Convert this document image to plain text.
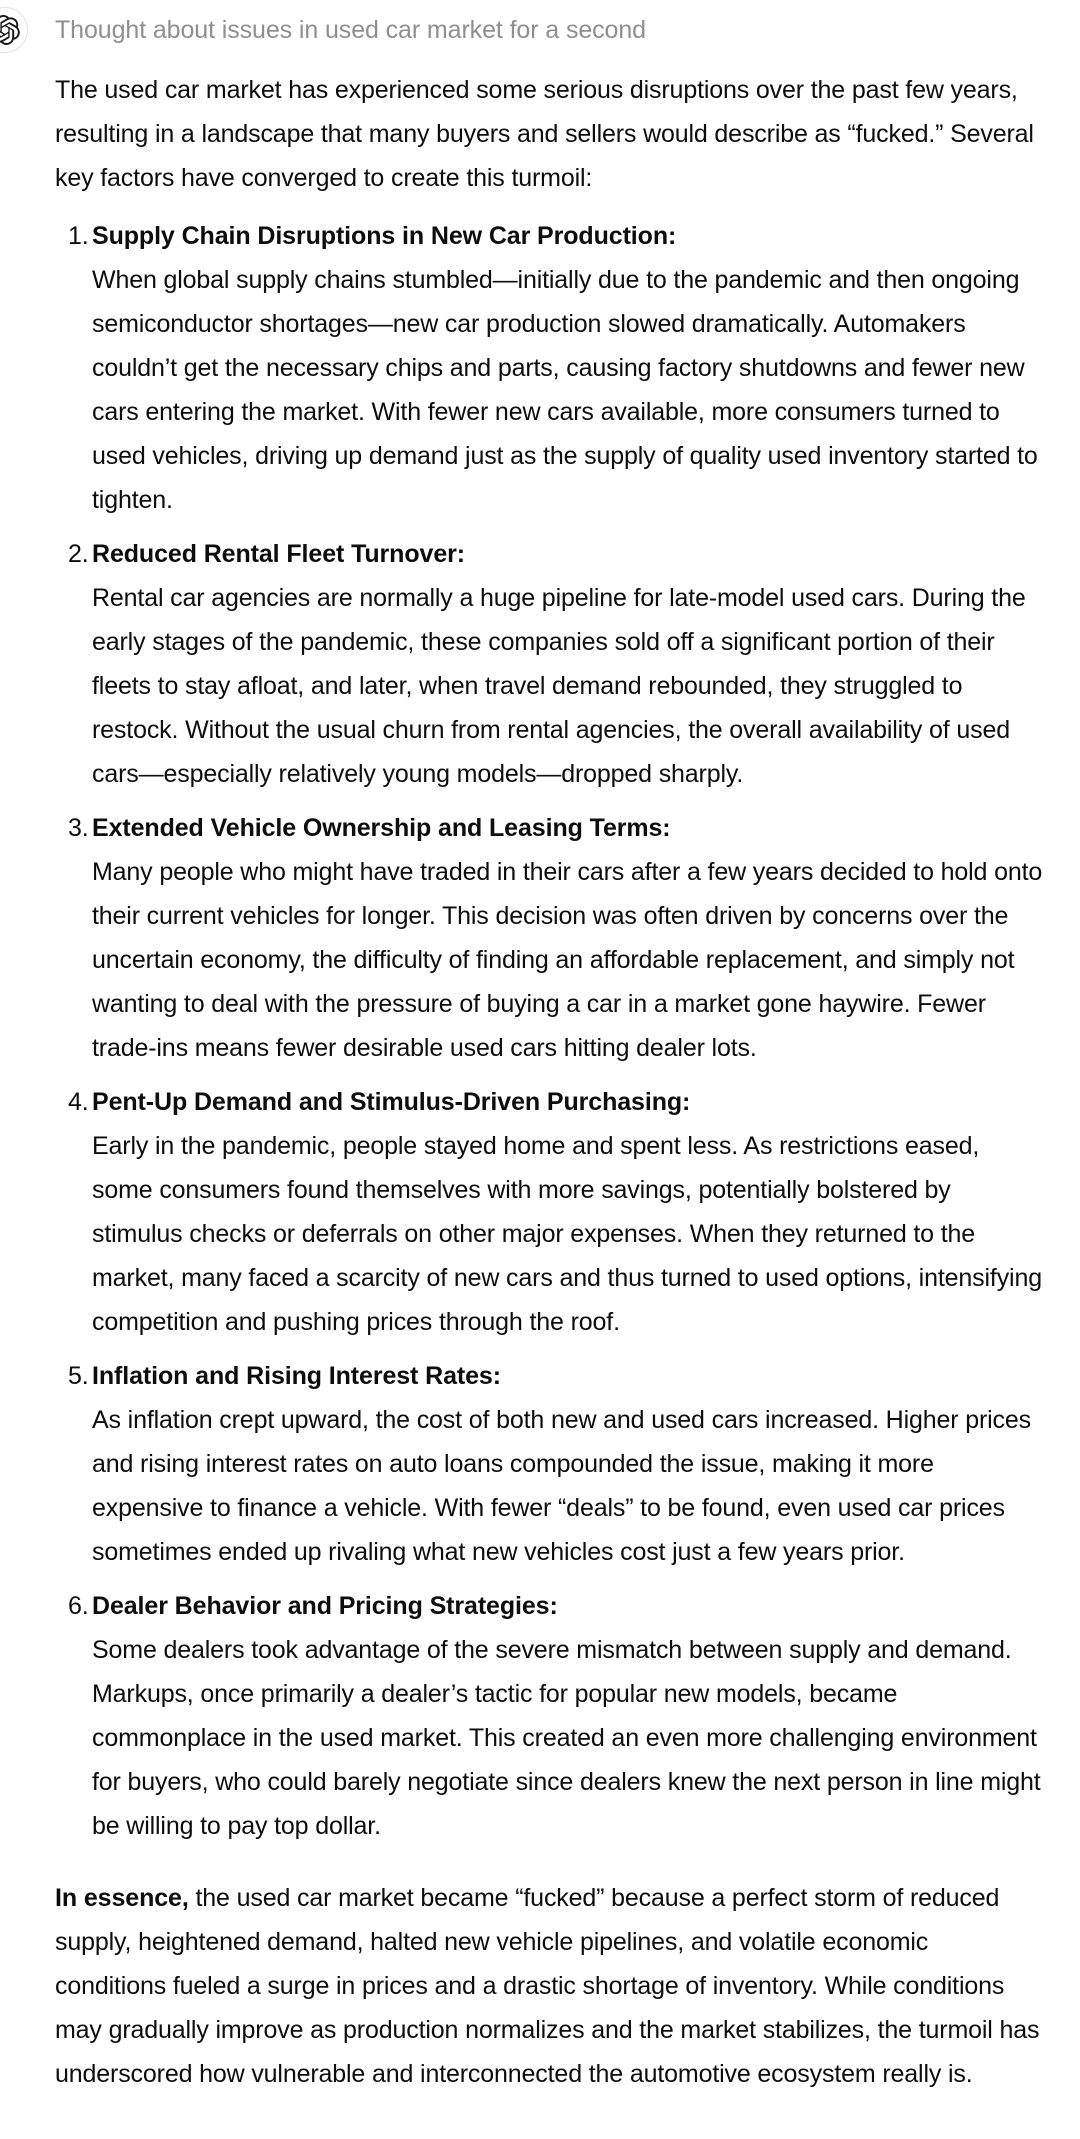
Thought about issues in used car market for a second

The used car market has experienced some serious disruptions over the past few years, resulting in a landscape that many buyers and sellers would describe as “fucked.” Several key factors have converged to create this turmoil:

1. Supply Chain Disruptions in New Car Production:
When global supply chains stumbled—initially due to the pandemic and then ongoing semiconductor shortages—new car production slowed dramatically. Automakers couldn’t get the necessary chips and parts, causing factory shutdowns and fewer new cars entering the market. With fewer new cars available, more consumers turned to used vehicles, driving up demand just as the supply of quality used inventory started to tighten.
2. Reduced Rental Fleet Turnover:
Rental car agencies are normally a huge pipeline for late-model used cars. During the early stages of the pandemic, these companies sold off a significant portion of their fleets to stay afloat, and later, when travel demand rebounded, they struggled to restock. Without the usual churn from rental agencies, the overall availability of used cars—especially relatively young models—dropped sharply.
3. Extended Vehicle Ownership and Leasing Terms:
Many people who might have traded in their cars after a few years decided to hold onto their current vehicles for longer. This decision was often driven by concerns over the uncertain economy, the difficulty of finding an affordable replacement, and simply not wanting to deal with the pressure of buying a car in a market gone haywire. Fewer trade-ins means fewer desirable used cars hitting dealer lots.
4. Pent-Up Demand and Stimulus-Driven Purchasing:
Early in the pandemic, people stayed home and spent less. As restrictions eased, some consumers found themselves with more savings, potentially bolstered by stimulus checks or deferrals on other major expenses. When they returned to the market, many faced a scarcity of new cars and thus turned to used options, intensifying competition and pushing prices through the roof.
5. Inflation and Rising Interest Rates:
As inflation crept upward, the cost of both new and used cars increased. Higher prices and rising interest rates on auto loans compounded the issue, making it more expensive to finance a vehicle. With fewer “deals” to be found, even used car prices sometimes ended up rivaling what new vehicles cost just a few years prior.
6. Dealer Behavior and Pricing Strategies:
Some dealers took advantage of the severe mismatch between supply and demand. Markups, once primarily a dealer’s tactic for popular new models, became commonplace in the used market. This created an even more challenging environment for buyers, who could barely negotiate since dealers knew the next person in line might be willing to pay top dollar.

In essence, the used car market became “fucked” because a perfect storm of reduced supply, heightened demand, halted new vehicle pipelines, and volatile economic conditions fueled a surge in prices and a drastic shortage of inventory. While conditions may gradually improve as production normalizes and the market stabilizes, the turmoil has underscored how vulnerable and interconnected the automotive ecosystem really is.
